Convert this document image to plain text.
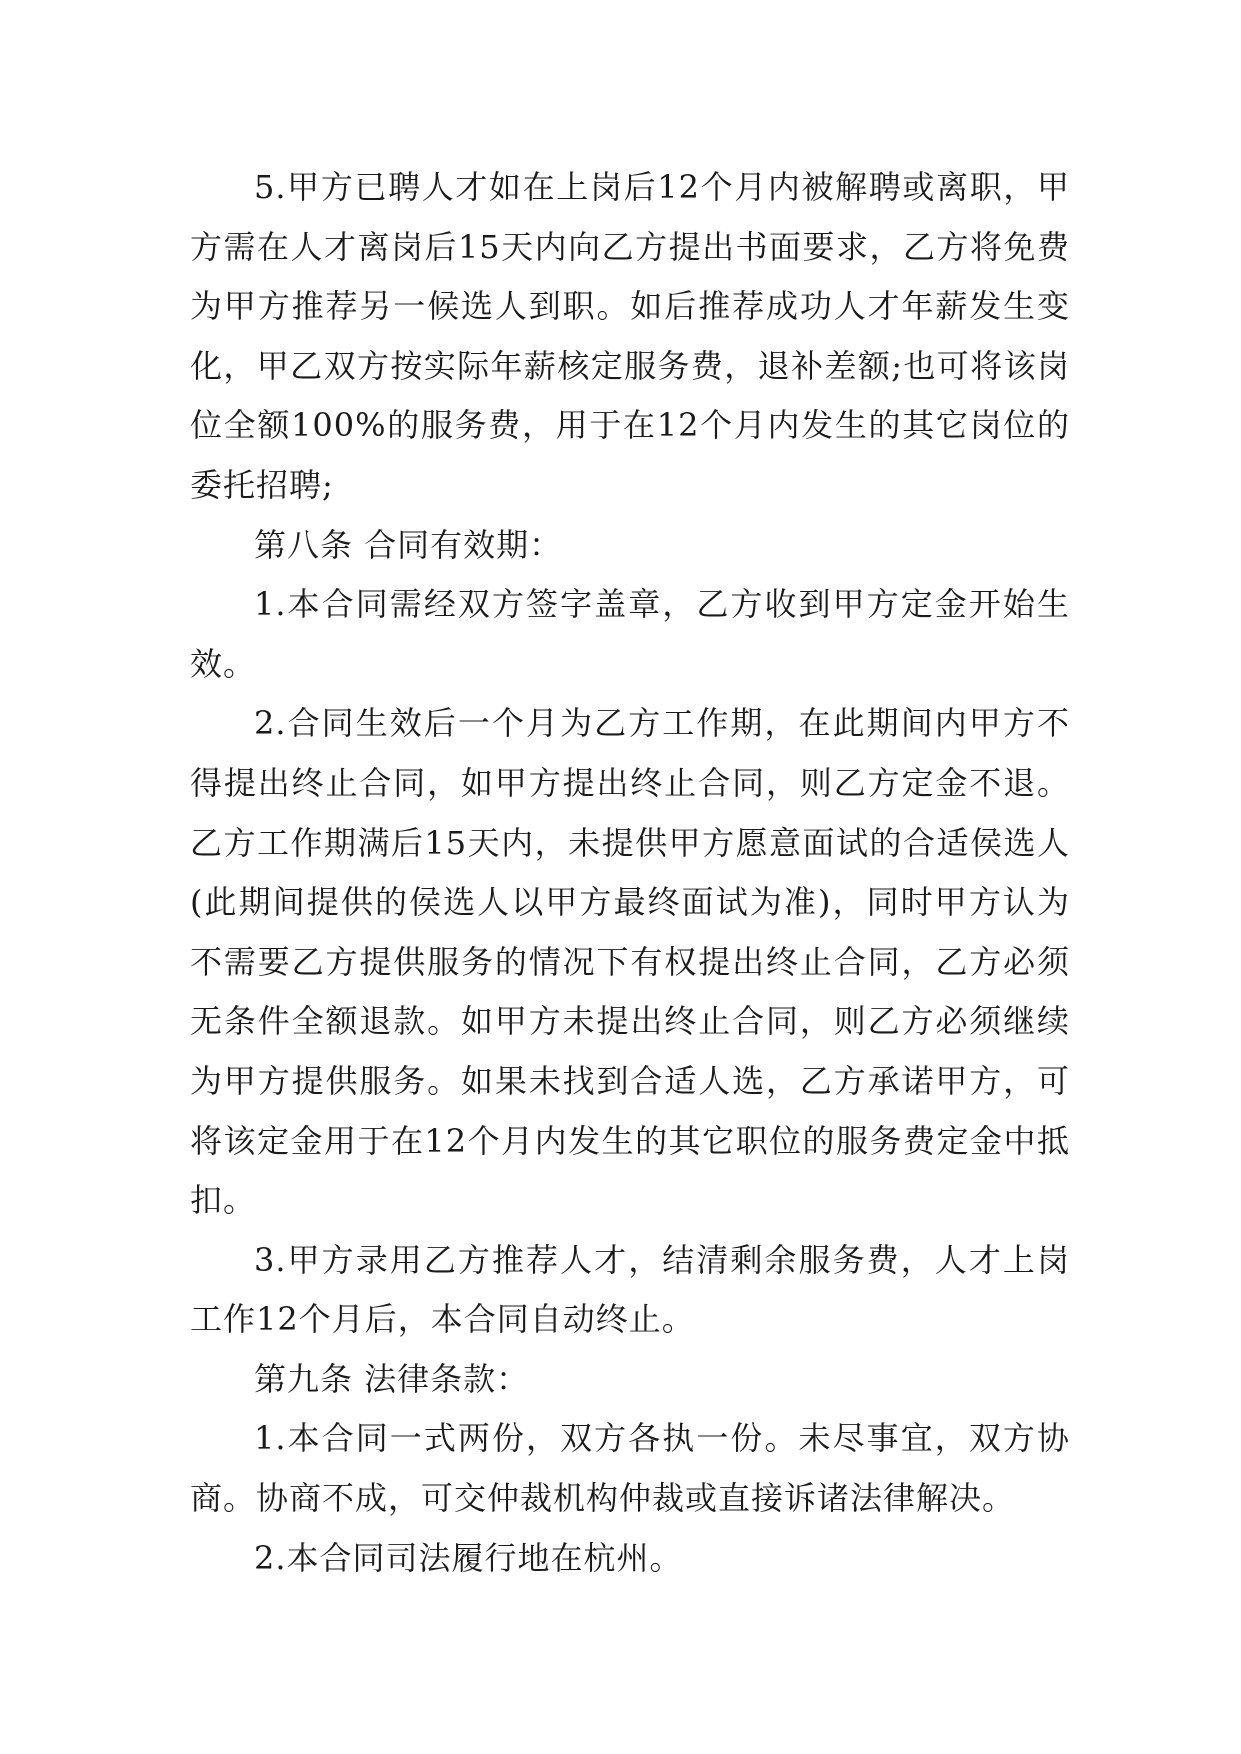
5.甲方已聘人才如在上岗后12个月内被解聘或离职，甲方需在人才离岗后15天内向乙方提出书面要求，乙方将免费为甲方推荐另一候选人到职。如后推荐成功人才年薪发生变化，甲乙双方按实际年薪核定服务费，退补差额;也可将该岗位全额100%的服务费，用于在12个月内发生的其它岗位的委托招聘;

第八条 合同有效期：

1.本合同需经双方签字盖章，乙方收到甲方定金开始生效。

2.合同生效后一个月为乙方工作期，在此期间内甲方不得提出终止合同，如甲方提出终止合同，则乙方定金不退。乙方工作期满后15天内，未提供甲方愿意面试的合适侯选人(此期间提供的侯选人以甲方最终面试为准)，同时甲方认为不需要乙方提供服务的情况下有权提出终止合同，乙方必须无条件全额退款。如甲方未提出终止合同，则乙方必须继续为甲方提供服务。如果未找到合适人选，乙方承诺甲方，可将该定金用于在12个月内发生的其它职位的服务费定金中抵扣。

3.甲方录用乙方推荐人才，结清剩余服务费，人才上岗工作12个月后，本合同自动终止。

第九条 法律条款：

1.本合同一式两份，双方各执一份。未尽事宜，双方协商。协商不成，可交仲裁机构仲裁或直接诉诸法律解决。

2.本合同司法履行地在杭州。
